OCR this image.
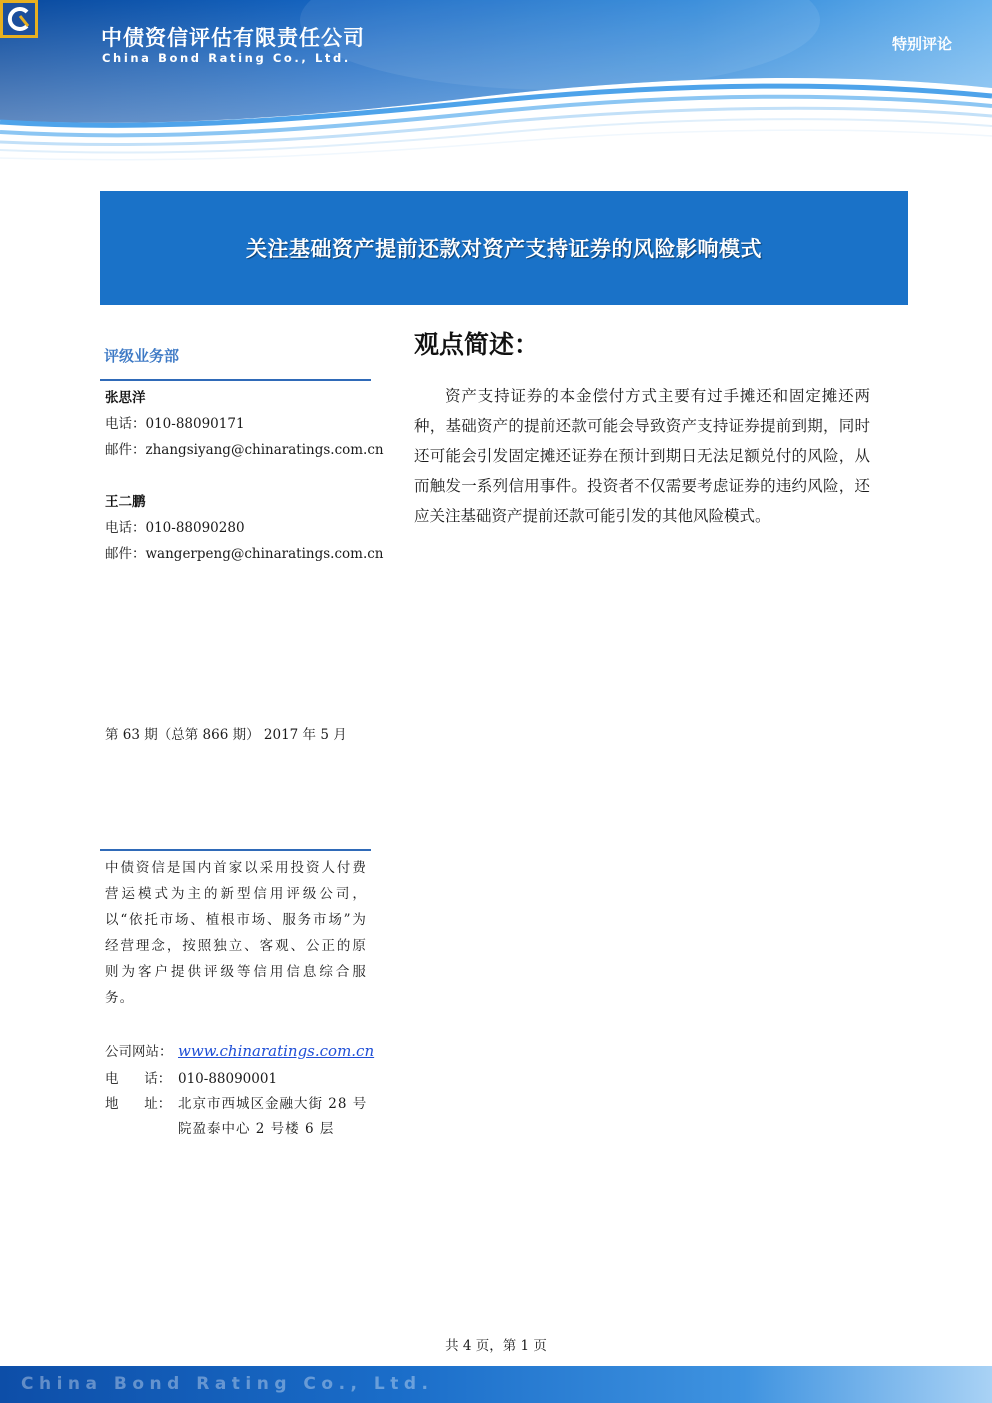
中债资信评估有限责任公司
China Bond Rating Co., Ltd.
特别评论
关注基础资产提前还款对资产支持证券的风险影响模式
评级业务部
张思洋
电话：010-88090171
邮件：zhangsiyang@chinaratings.com.cn
王二鹏
电话：010-88090280
邮件：wangerpeng@chinaratings.com.cn
第 63 期（总第 866 期） 2017 年 5 月
中债资信是国内首家以采用投资人付费营运模式为主的新型信用评级公司，以“依托市场、植根市场、服务市场”为经营理念，按照独立、客观、公正的原则为客户提供评级等信用信息综合服务。
公司网站： www.chinaratings.com.cn
电      话： 010-88090001
地      址： 北京市西城区金融大街 28 号
院盈泰中心 2 号楼 6 层
观点简述：
资产支持证券的本金偿付方式主要有过手摊还和固定摊还两种，基础资产的提前还款可能会导致资产支持证券提前到期，同时还可能会引发固定摊还证券在预计到期日无法足额兑付的风险，从而触发一系列信用事件。投资者不仅需要考虑证券的违约风险，还应关注基础资产提前还款可能引发的其他风险模式。
共 4 页，第 1 页
China Bond Rating Co., Ltd.
